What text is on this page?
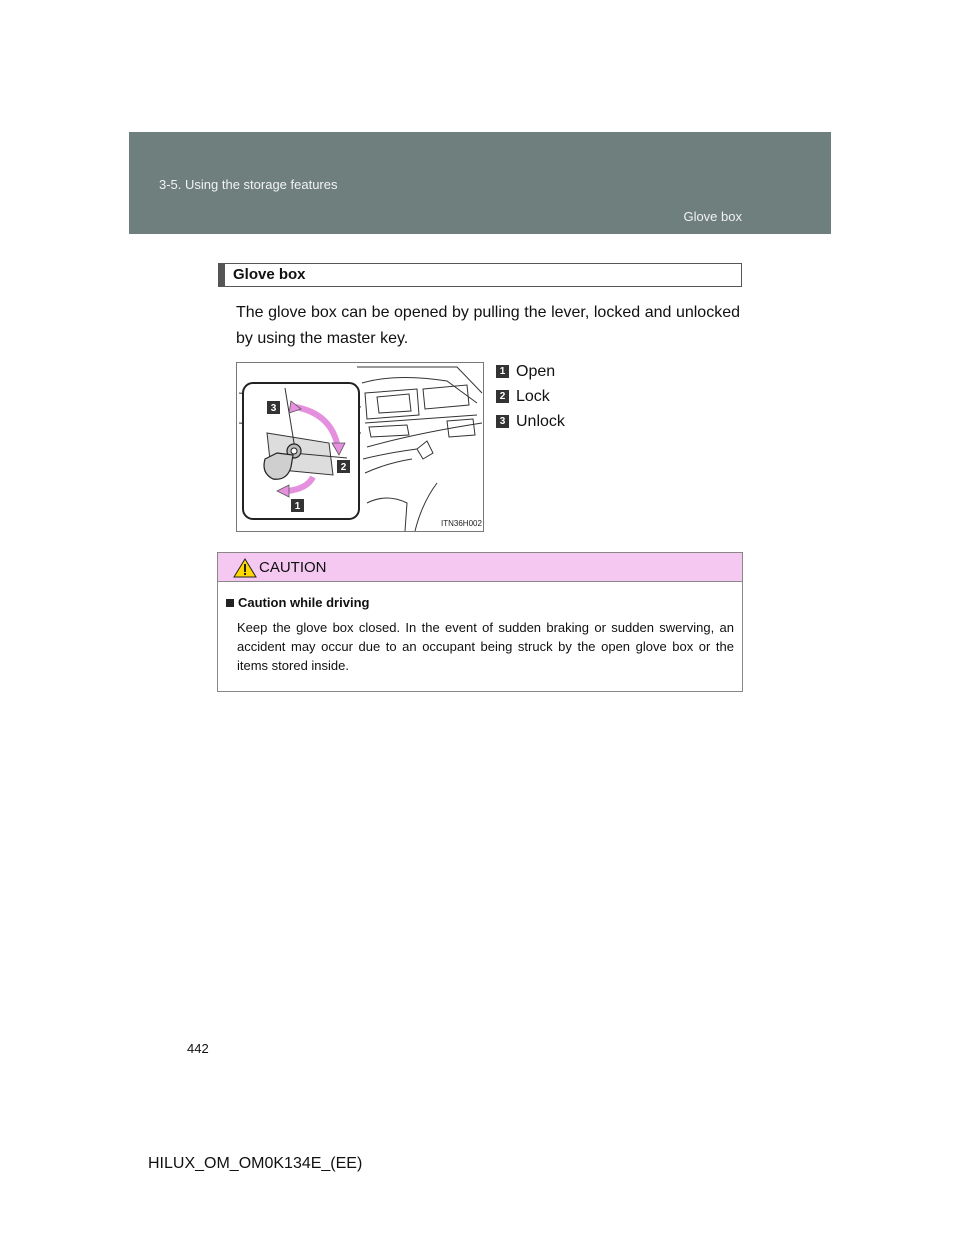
3-5. Using the storage features
Glove box
Glove box
The glove box can be opened by pulling the lever, locked and unlocked by using the master key.
3
2
1
ITN36H002
1 Open
2 Lock
3 Unlock
CAUTION
Caution while driving
Keep the glove box closed. In the event of sudden braking or sudden swerving, an accident may occur due to an occupant being struck by the open glove box or the items stored inside.
442
HILUX_OM_OM0K134E_(EE)
